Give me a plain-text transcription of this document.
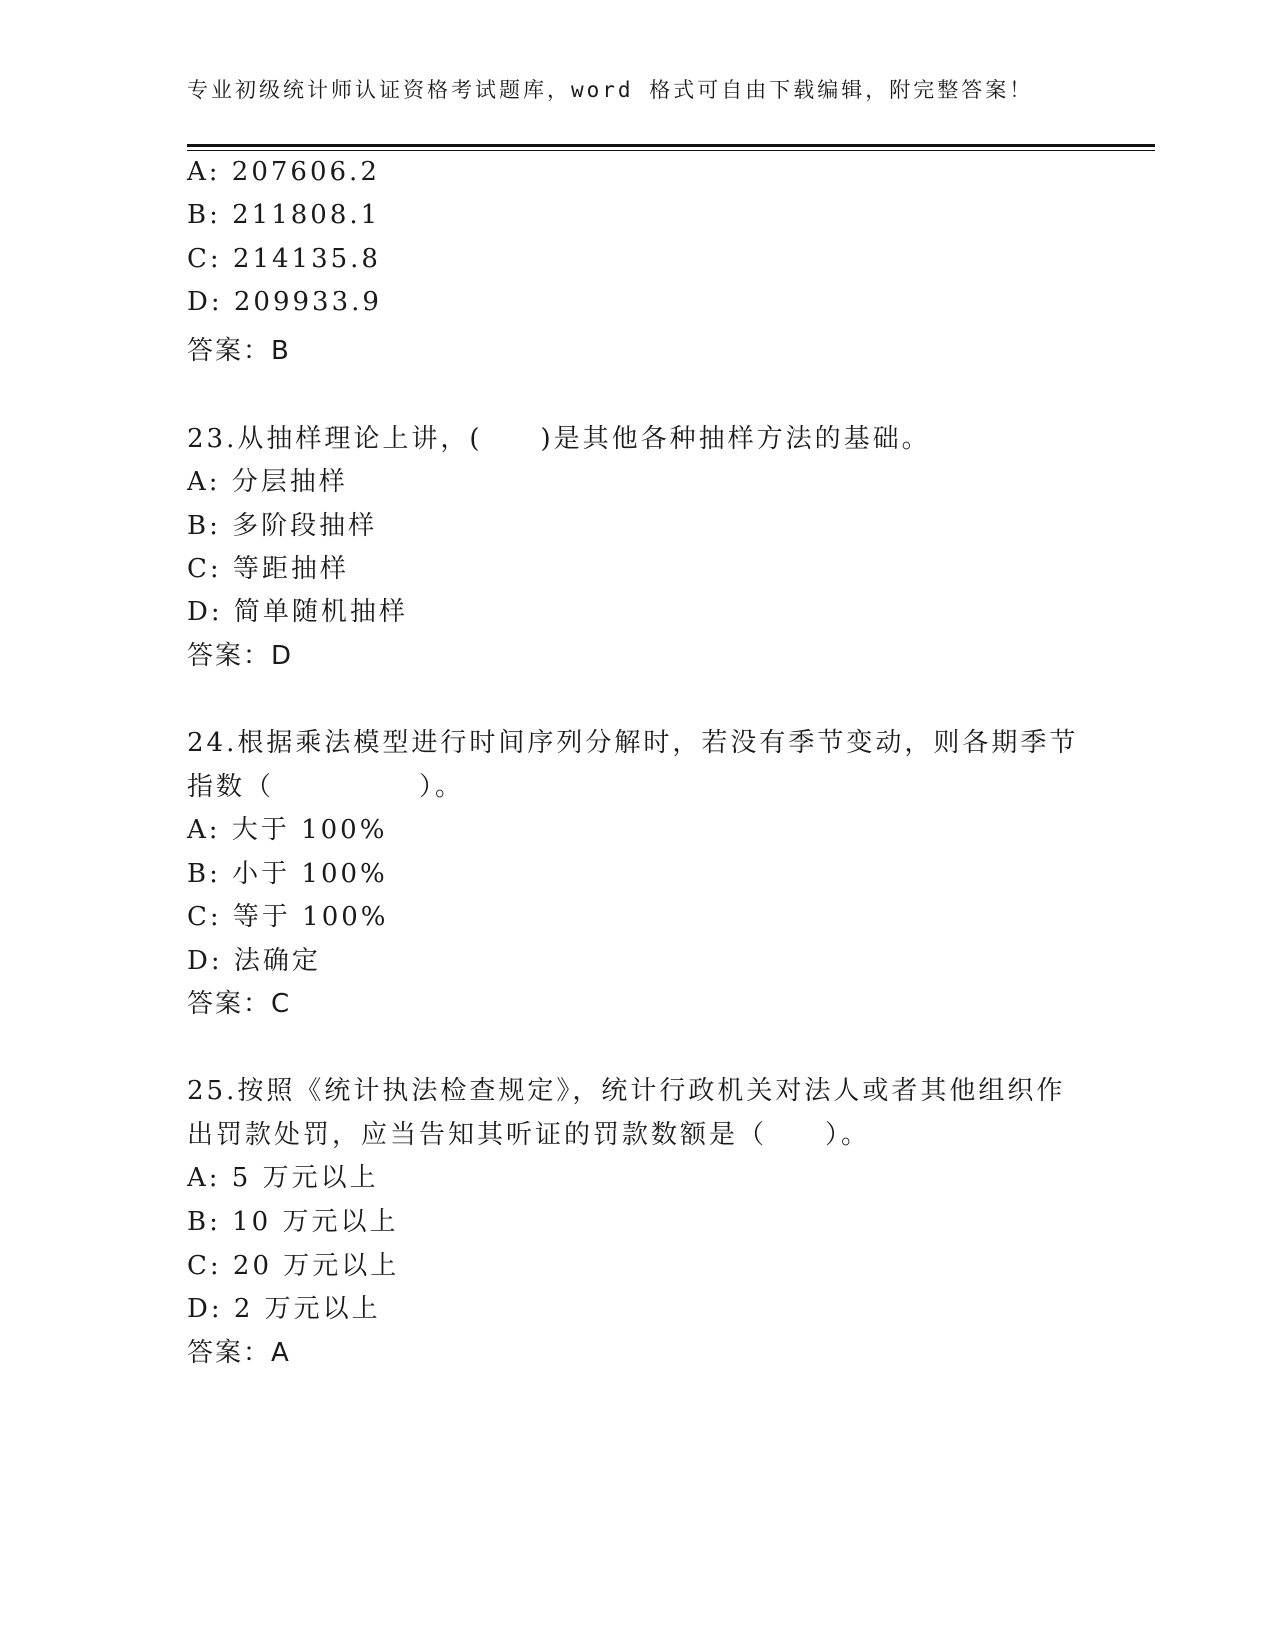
专业初级统计师认证资格考试题库，word 格式可自由下载编辑，附完整答案！
A: 207606.2
B: 211808.1
C: 214135.8
D: 209933.9
答案：B
23.从抽样理论上讲，(　　)是其他各种抽样方法的基础。
A: 分层抽样
B: 多阶段抽样
C: 等距抽样
D: 简单随机抽样
答案：D
24.根据乘法模型进行时间序列分解时，若没有季节变动，则各期季节
指数（　　　　　）。
A: 大于 100%
B: 小于 100%
C: 等于 100%
D: 法确定
答案：C
25.按照《统计执法检查规定》，统计行政机关对法人或者其他组织作
出罚款处罚，应当告知其听证的罚款数额是（　　）。
A: 5 万元以上
B: 10 万元以上
C: 20 万元以上
D: 2 万元以上
答案：A
